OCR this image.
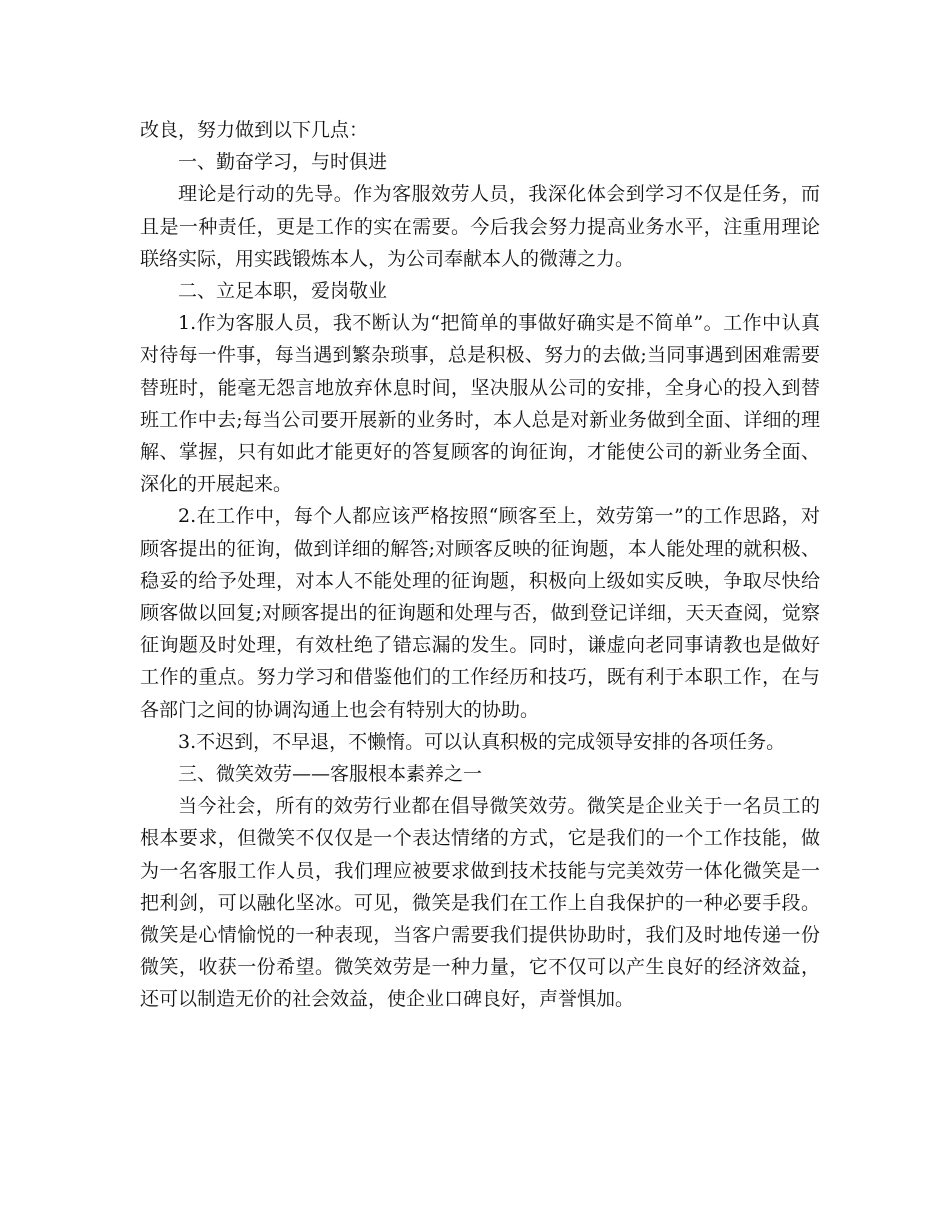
改良，努力做到以下几点：

一、勤奋学习，与时俱进

理论是行动的先导。作为客服效劳人员，我深化体会到学习不仅是任务，而且是一种责任，更是工作的实在需要。今后我会努力提高业务水平，注重用理论联络实际，用实践锻炼本人，为公司奉献本人的微薄之力。

二、立足本职，爱岗敬业

1.作为客服人员，我不断认为“把简单的事做好确实是不简单”。工作中认真对待每一件事，每当遇到繁杂琐事，总是积极、努力的去做;当同事遇到困难需要替班时，能毫无怨言地放弃休息时间，坚决服从公司的安排，全身心的投入到替班工作中去;每当公司要开展新的业务时，本人总是对新业务做到全面、详细的理解、掌握，只有如此才能更好的答复顾客的询征询，才能使公司的新业务全面、深化的开展起来。

2.在工作中，每个人都应该严格按照“顾客至上，效劳第一”的工作思路，对顾客提出的征询，做到详细的解答;对顾客反映的征询题，本人能处理的就积极、稳妥的给予处理，对本人不能处理的征询题，积极向上级如实反映，争取尽快给顾客做以回复;对顾客提出的征询题和处理与否，做到登记详细，天天查阅，觉察征询题及时处理，有效杜绝了错忘漏的发生。同时，谦虚向老同事请教也是做好工作的重点。努力学习和借鉴他们的工作经历和技巧，既有利于本职工作，在与各部门之间的协调沟通上也会有特别大的协助。

3.不迟到，不早退，不懒惰。可以认真积极的完成领导安排的各项任务。

三、微笑效劳——客服根本素养之一

当今社会，所有的效劳行业都在倡导微笑效劳。微笑是企业关于一名员工的根本要求，但微笑不仅仅是一个表达情绪的方式，它是我们的一个工作技能，做为一名客服工作人员，我们理应被要求做到技术技能与完美效劳一体化微笑是一把利剑，可以融化坚冰。可见，微笑是我们在工作上自我保护的一种必要手段。微笑是心情愉悦的一种表现，当客户需要我们提供协助时，我们及时地传递一份微笑，收获一份希望。微笑效劳是一种力量，它不仅可以产生良好的经济效益，还可以制造无价的社会效益，使企业口碑良好，声誉惧加。
